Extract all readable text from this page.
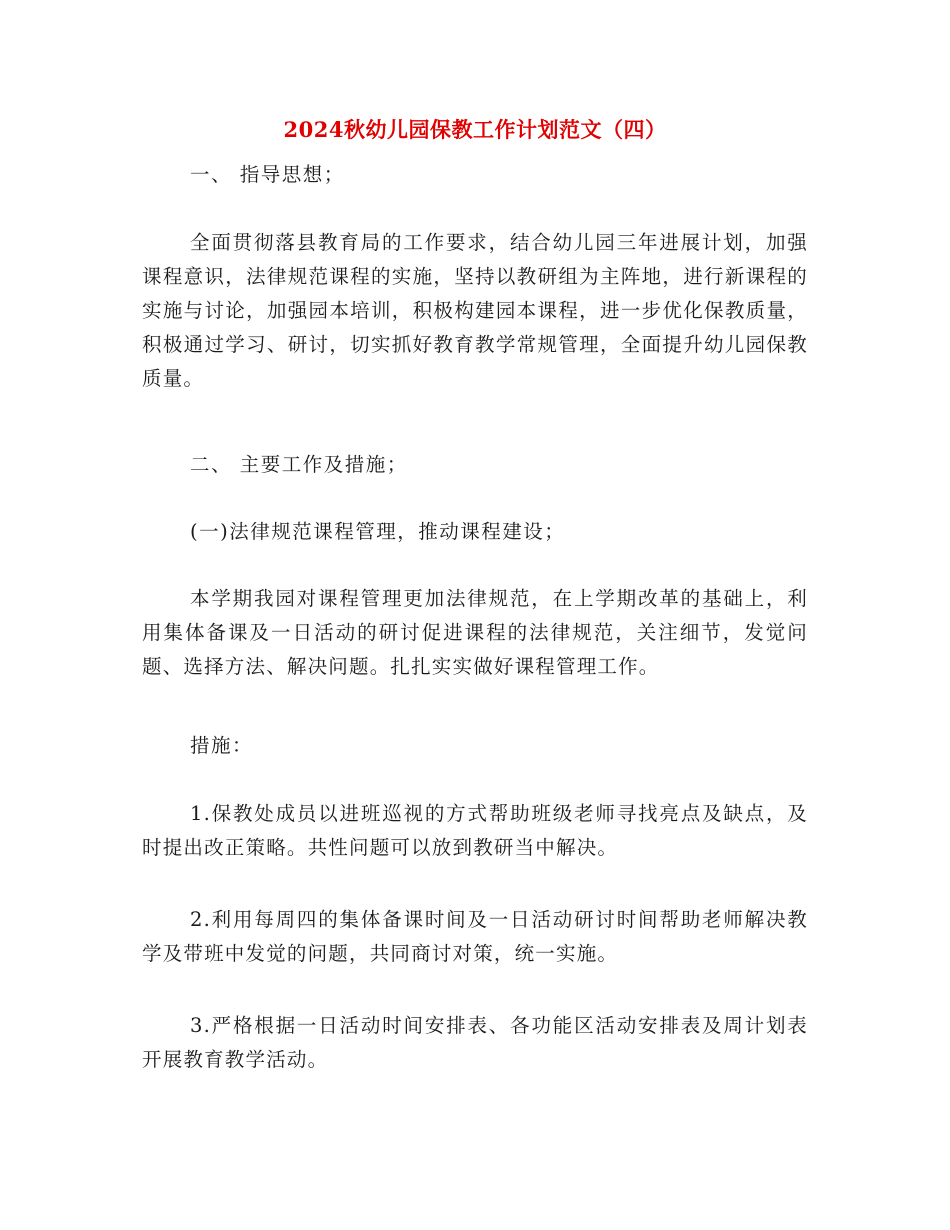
2024秋幼儿园保教工作计划范文（四）

一、 指导思想；

全面贯彻落县教育局的工作要求，结合幼儿园三年进展计划，加强课程意识，法律规范课程的实施，坚持以教研组为主阵地，进行新课程的实施与讨论，加强园本培训，积极构建园本课程，进一步优化保教质量，积极通过学习、研讨，切实抓好教育教学常规管理，全面提升幼儿园保教质量。

二、 主要工作及措施；

(一)法律规范课程管理，推动课程建设；

本学期我园对课程管理更加法律规范，在上学期改革的基础上，利用集体备课及一日活动的研讨促进课程的法律规范，关注细节，发觉问题、选择方法、解决问题。扎扎实实做好课程管理工作。

措施：

1.保教处成员以进班巡视的方式帮助班级老师寻找亮点及缺点，及时提出改正策略。共性问题可以放到教研当中解决。

2.利用每周四的集体备课时间及一日活动研讨时间帮助老师解决教学及带班中发觉的问题，共同商讨对策，统一实施。

3.严格根据一日活动时间安排表、各功能区活动安排表及周计划表开展教育教学活动。
